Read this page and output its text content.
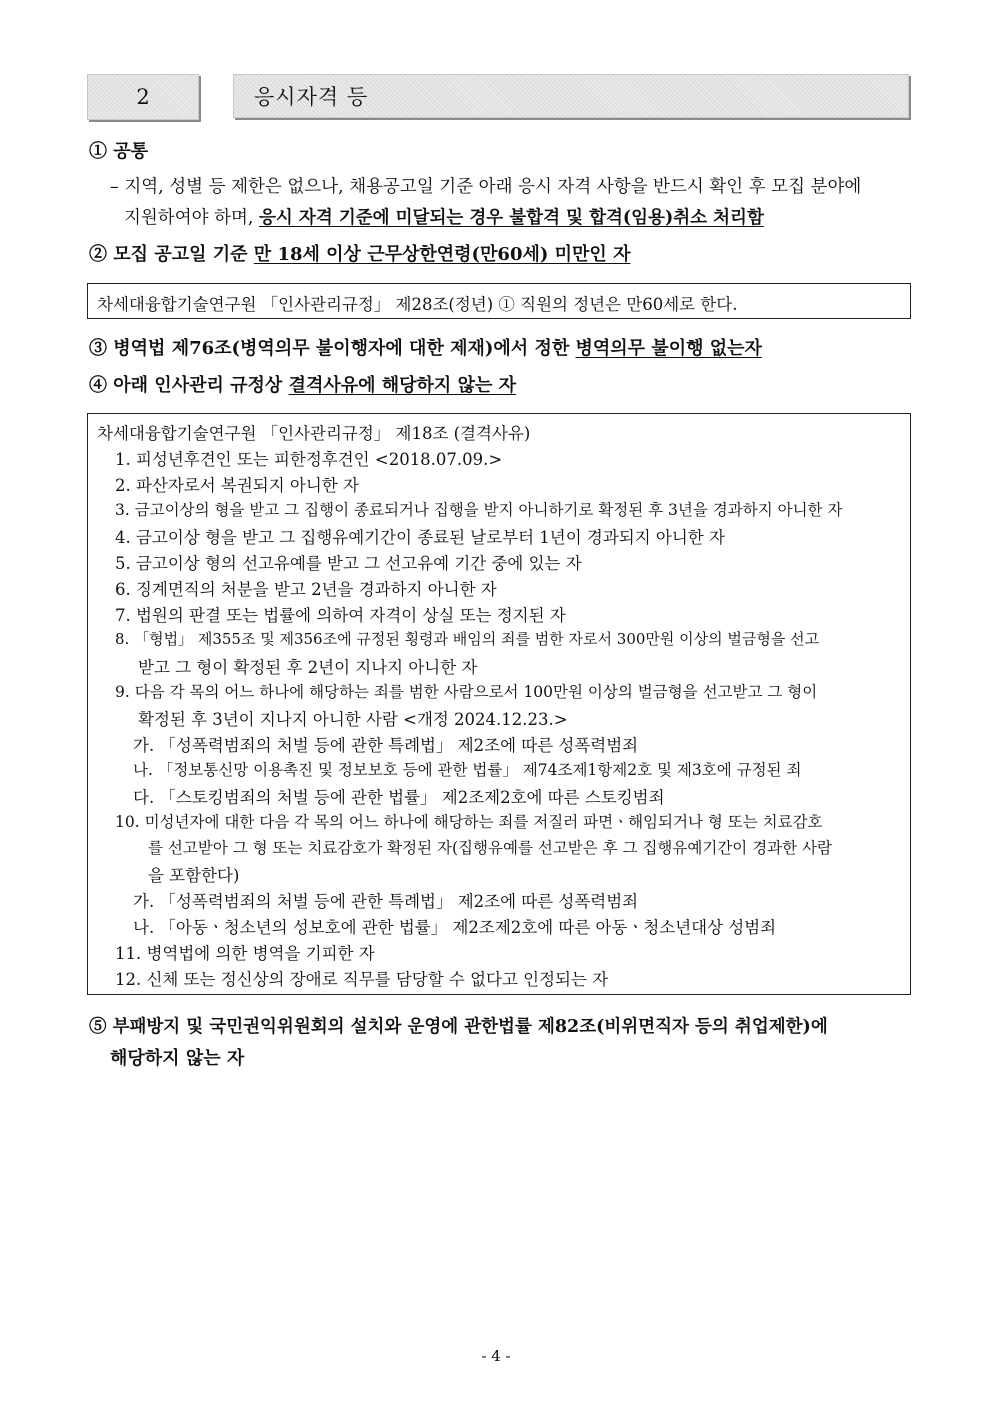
2	응시자격 등
① 공통
– 지역, 성별 등 제한은 없으나, 채용공고일 기준 아래 응시 자격 사항을 반드시 확인 후 모집 분야에
지원하여야 하며, 응시 자격 기준에 미달되는 경우 불합격 및 합격(임용)취소 처리함
② 모집 공고일 기준 만 18세 이상 근무상한연령(만60세) 미만인 자
차세대융합기술연구원 「인사관리규정」 제28조(정년) ① 직원의 정년은 만60세로 한다.
③ 병역법 제76조(병역의무 불이행자에 대한 제재)에서 정한 병역의무 불이행 없는자
④ 아래 인사관리 규정상 결격사유에 해당하지 않는 자
차세대융합기술연구원 「인사관리규정」 제18조 (결격사유)
1. 피성년후견인 또는 피한정후견인 <2018.07.09.>
2. 파산자로서 복권되지 아니한 자
3. 금고이상의 형을 받고 그 집행이 종료되거나 집행을 받지 아니하기로 확정된 후 3년을 경과하지 아니한 자
4. 금고이상 형을 받고 그 집행유예기간이 종료된 날로부터 1년이 경과되지 아니한 자
5. 금고이상 형의 선고유예를 받고 그 선고유예 기간 중에 있는 자
6. 징계면직의 처분을 받고 2년을 경과하지 아니한 자
7. 법원의 판결 또는 법률에 의하여 자격이 상실 또는 정지된 자
8. 「형법」 제355조 및 제356조에 규정된 횡령과 배임의 죄를 범한 자로서 300만원 이상의 벌금형을 선고
받고 그 형이 확정된 후 2년이 지나지 아니한 자
9. 다음 각 목의 어느 하나에 해당하는 죄를 범한 사람으로서 100만원 이상의 벌금형을 선고받고 그 형이
확정된 후 3년이 지나지 아니한 사람 <개정 2024.12.23.>
가. 「성폭력범죄의 처벌 등에 관한 특례법」 제2조에 따른 성폭력범죄
나. 「정보통신망 이용촉진 및 정보보호 등에 관한 법률」 제74조제1항제2호 및 제3호에 규정된 죄
다. 「스토킹범죄의 처벌 등에 관한 법률」 제2조제2호에 따른 스토킹범죄
10. 미성년자에 대한 다음 각 목의 어느 하나에 해당하는 죄를 저질러 파면ㆍ해임되거나 형 또는 치료감호
를 선고받아 그 형 또는 치료감호가 확정된 자(집행유예를 선고받은 후 그 집행유예기간이 경과한 사람
을 포함한다)
가. 「성폭력범죄의 처벌 등에 관한 특례법」 제2조에 따른 성폭력범죄
나. 「아동ㆍ청소년의 성보호에 관한 법률」 제2조제2호에 따른 아동ㆍ청소년대상 성범죄
11. 병역법에 의한 병역을 기피한 자
12. 신체 또는 정신상의 장애로 직무를 담당할 수 없다고 인정되는 자
⑤ 부패방지 및 국민권익위원회의 설치와 운영에 관한법률 제82조(비위면직자 등의 취업제한)에
해당하지 않는 자
- 4 -
